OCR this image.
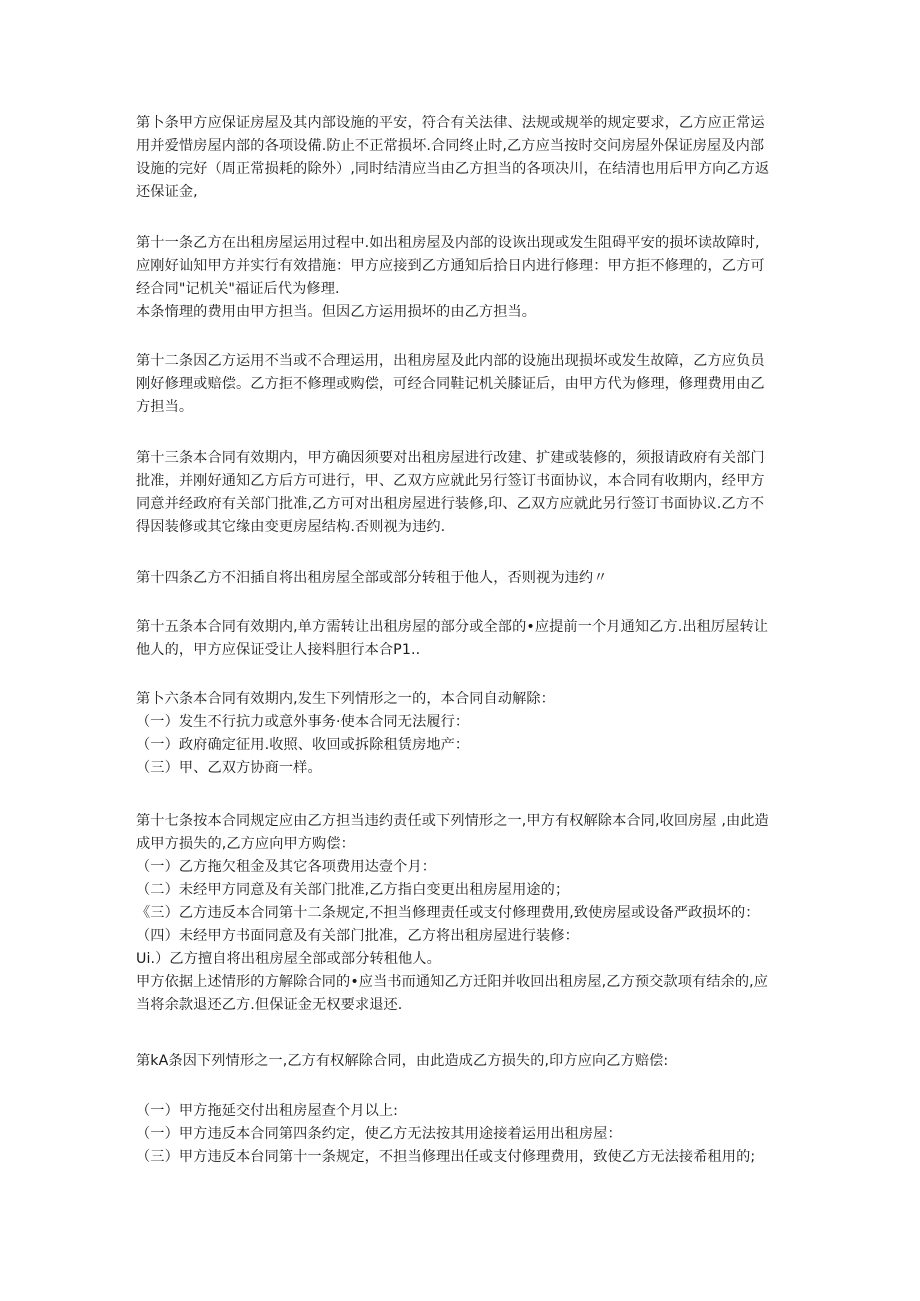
第卜条甲方应保证房屋及其内部设施的平安，符合有关法律、法规或规举的规定要求，乙方应正常运
用并爱惜房屋内部的各项设備.防止不正常损坏.合同终止时,乙方应当按时交问房屋外保证房屋及内部
设施的完好（周正常损耗的除外）,同时结清应当由乙方担当的各项决川，在结清也用后甲方向乙方返
还保证金,
第十一条乙方在出租房屋运用过程中.如出租房屋及内部的设诙出现或发生阻碍平安的损坏读故障时,
应刚好讪知甲方并实行有效措施：甲方应接到乙方通知后拾日内进行修理：甲方拒不修理的，乙方可
经合同"记机关"福证后代为修理.
本条惰理的费用由甲方担当。但因乙方运用损坏的由乙方担当。
第十二条因乙方运用不当或不合理运用，出租房屋及此内部的设施出现损坏或发生故障，乙方应负员
刚好修理或赔偿。乙方拒不修理或购偿，可经合同鞋记机关膝证后，由甲方代为修理，修理费用由乙
方担当。
第十三条本合同有效期内，甲方确因须要对出租房屋进行改建、扩建或装修的，须报请政府有关部门
批准，并刚好通知乙方后方可进行，甲、乙双方应就此另行签订书面协议，本合同有收期内，经甲方
同意并经政府有关部门批准,乙方可对出租房屋进行装修,印、乙双方应就此另行签订书面协议.乙方不
得因装修或其它缘由变更房屋结构.否则视为违约.
第十四条乙方不汨插自将出租房屋全部或部分转租于他人，否则视为违约〃
第十五条本合同有效期内,单方需转让出租房屋的部分或全部的•应提前一个月通知乙方.出租厉屋转让
他人的，甲方应保证受让人接料胆行本合P1..
第卜六条本合同有效期内,发生下列情形之一的，本合同自动解除：
（一）发生不行抗力或意外事务·使本合同无法履行：
（一）政府确定征用.收照、收回或拆除租赁房地产：
（三）甲、乙双方协商一样。
第十七条按本合同规定应由乙方担当违约责任或下列情形之一,甲方有权解除本合同,收回房屋 ,由此造
成甲方损失的,乙方应向甲方购偿：
（一）乙方拖欠租金及其它各项费用达壹个月：
（二）未经甲方同意及有关部门批准,乙方指白变更出租房屋用途的；
《三）乙方违反本合同第十二条规定,不担当修理责任或支付修理费用,致使房屋或设备严政损坏的：
（四）未经甲方书面同意及有关部门批准，乙方将出租房屋进行装修：
Ui.）乙方擅自将出租房屋全部或部分转租他人。
甲方依据上述情形的方解除合同的•应当书而通知乙方迁阳并收回出租房屋,乙方预交款项有结余的,应
当将余款退还乙方.但保证金无权要求退还.
第kA条因下列情形之一,乙方有权解除合同，由此造成乙方损失的,印方应向乙方赔偿:
（一）甲方拖延交付出租房屋查个月以上:
（一）甲方违反本合同第四条约定，使乙方无法按其用途接着运用出租房屋：
（三）甲方违反本台同第十一条规定，不担当修理出任或支付修理费用，致使乙方无法接希租用的;
